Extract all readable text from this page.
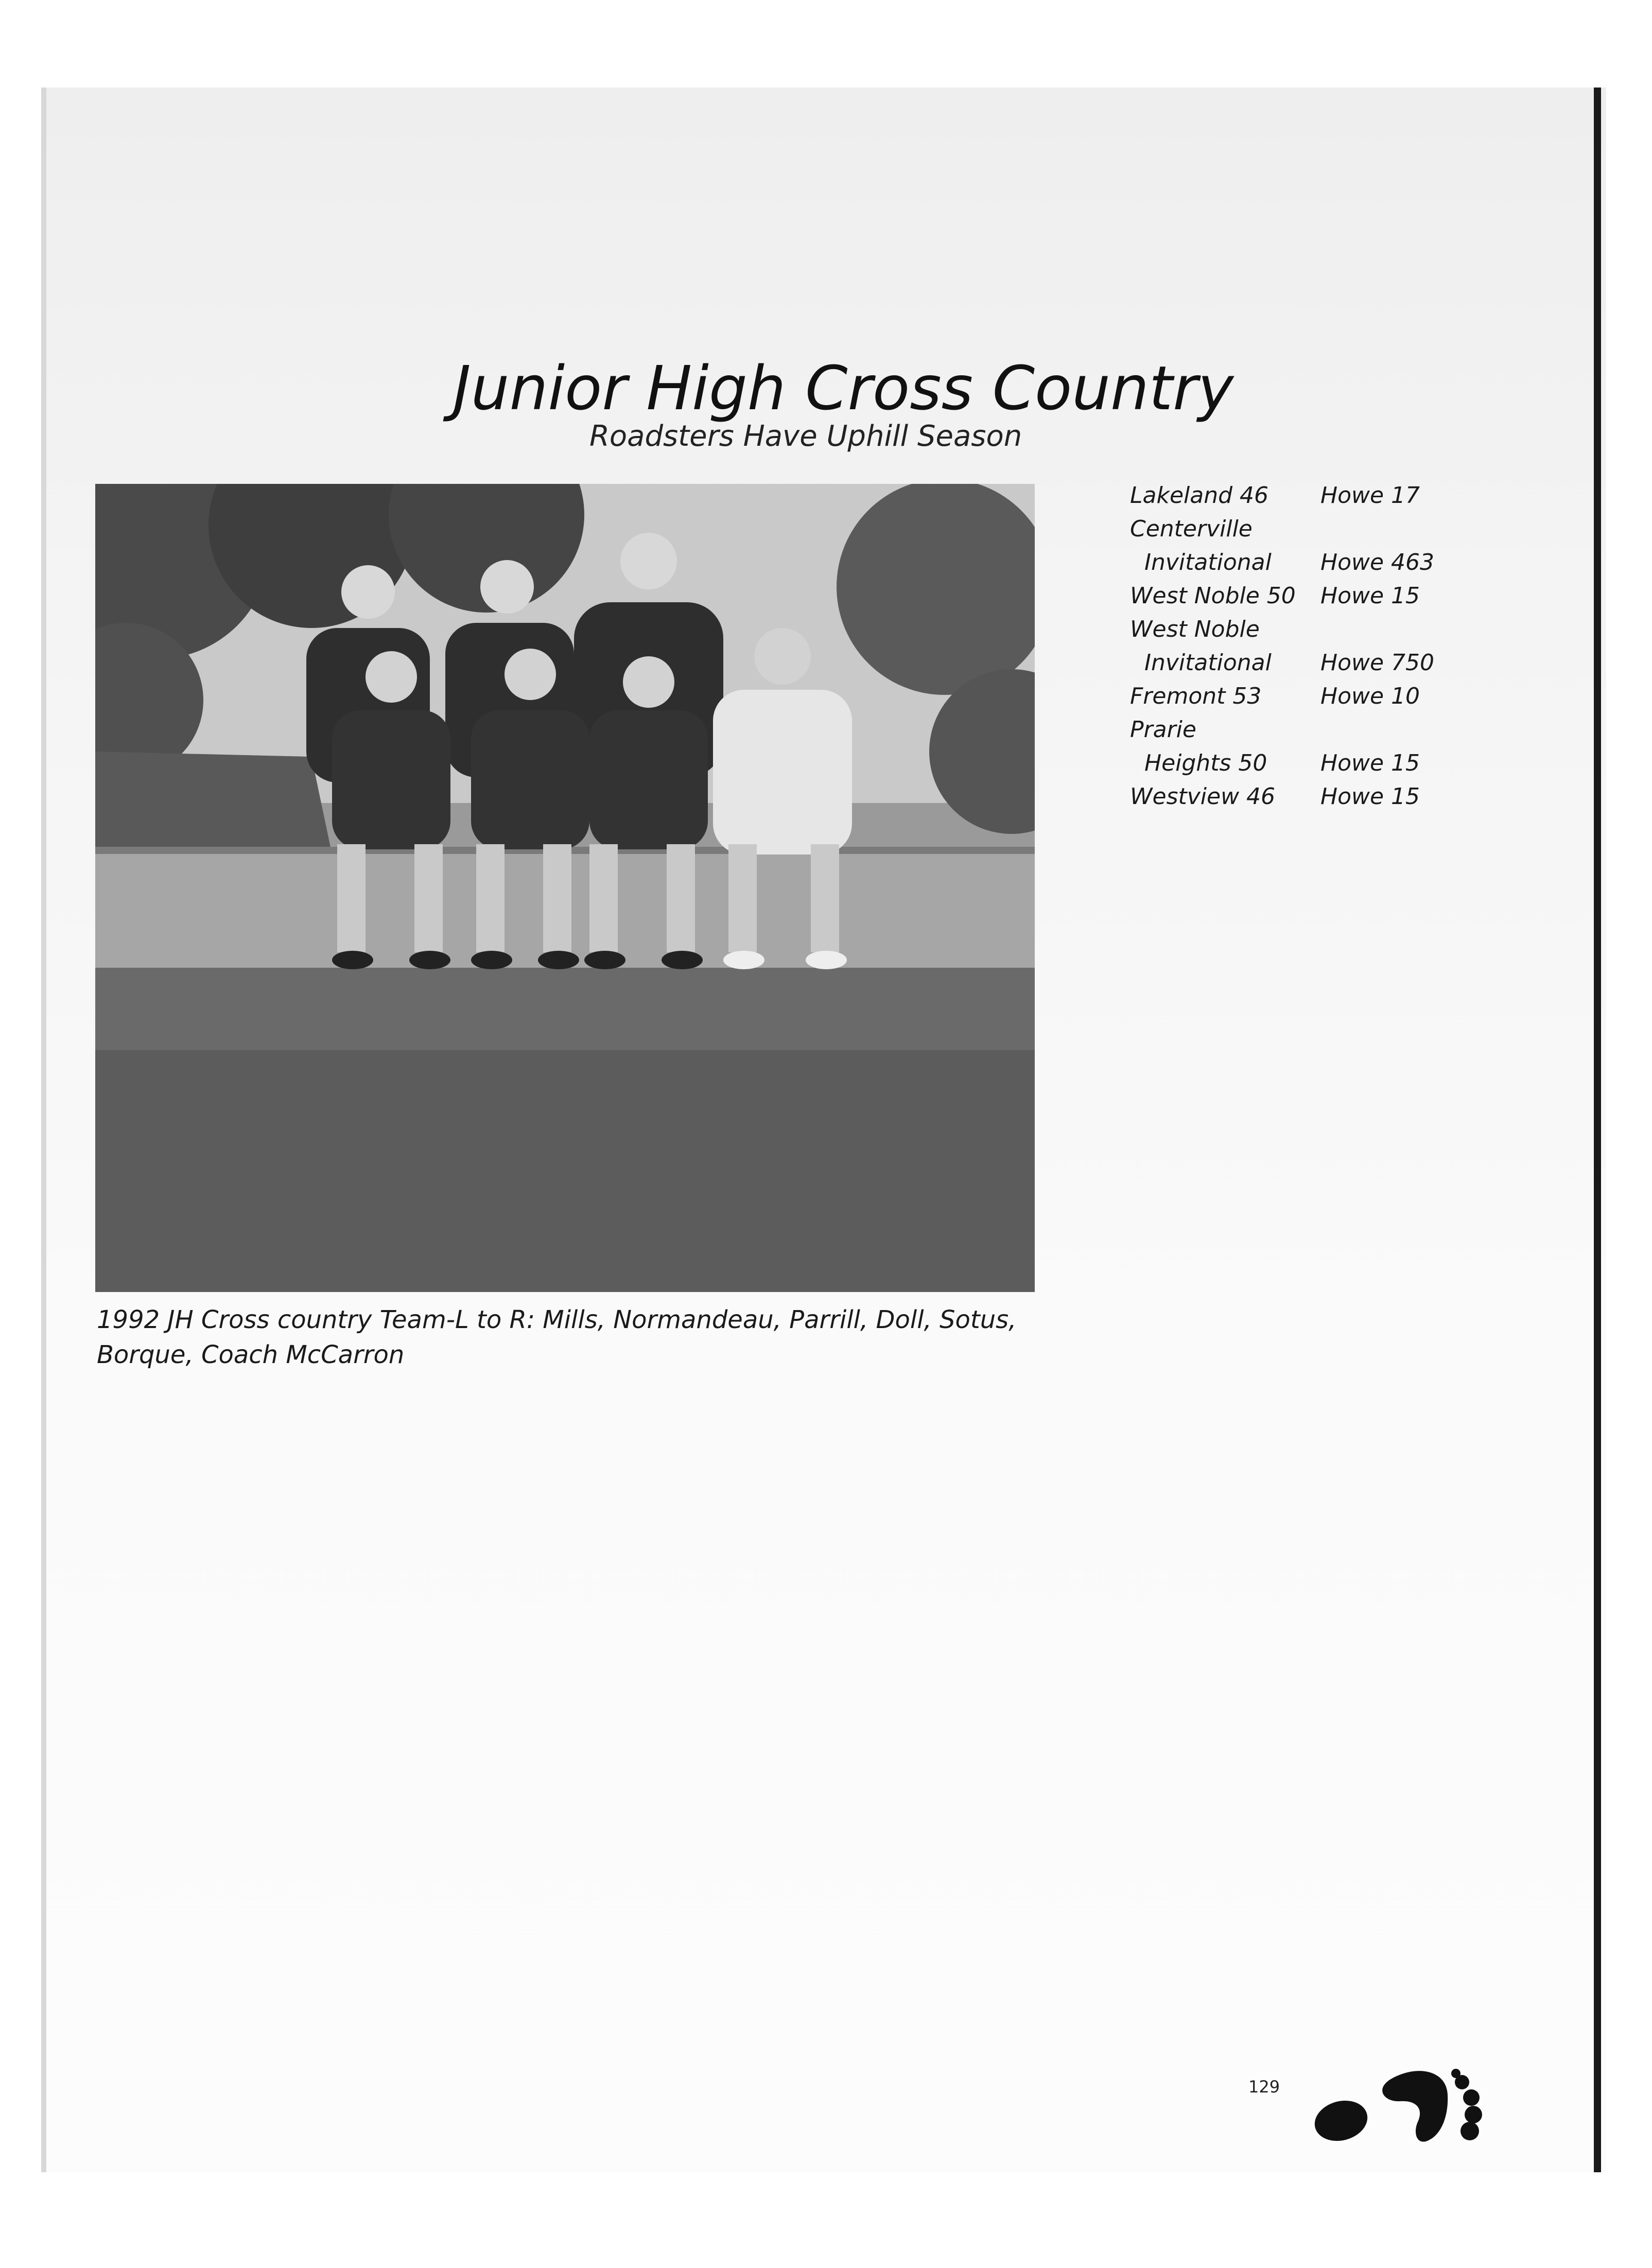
Junior High Cross Country
Roadsters Have Uphill Season
1992 JH Cross country Team-L to R: Mills, Normandeau, Parrill, Doll, Sotus, Borque, Coach McCarron
Lakeland 46	Howe 17
Centerville
Invitational	Howe 463
West Noble 50	Howe 15
West Noble
Invitational	Howe 750
Fremont 53	Howe 10
Prarie
Heights 50	Howe 15
Westview 46	Howe 15
129
